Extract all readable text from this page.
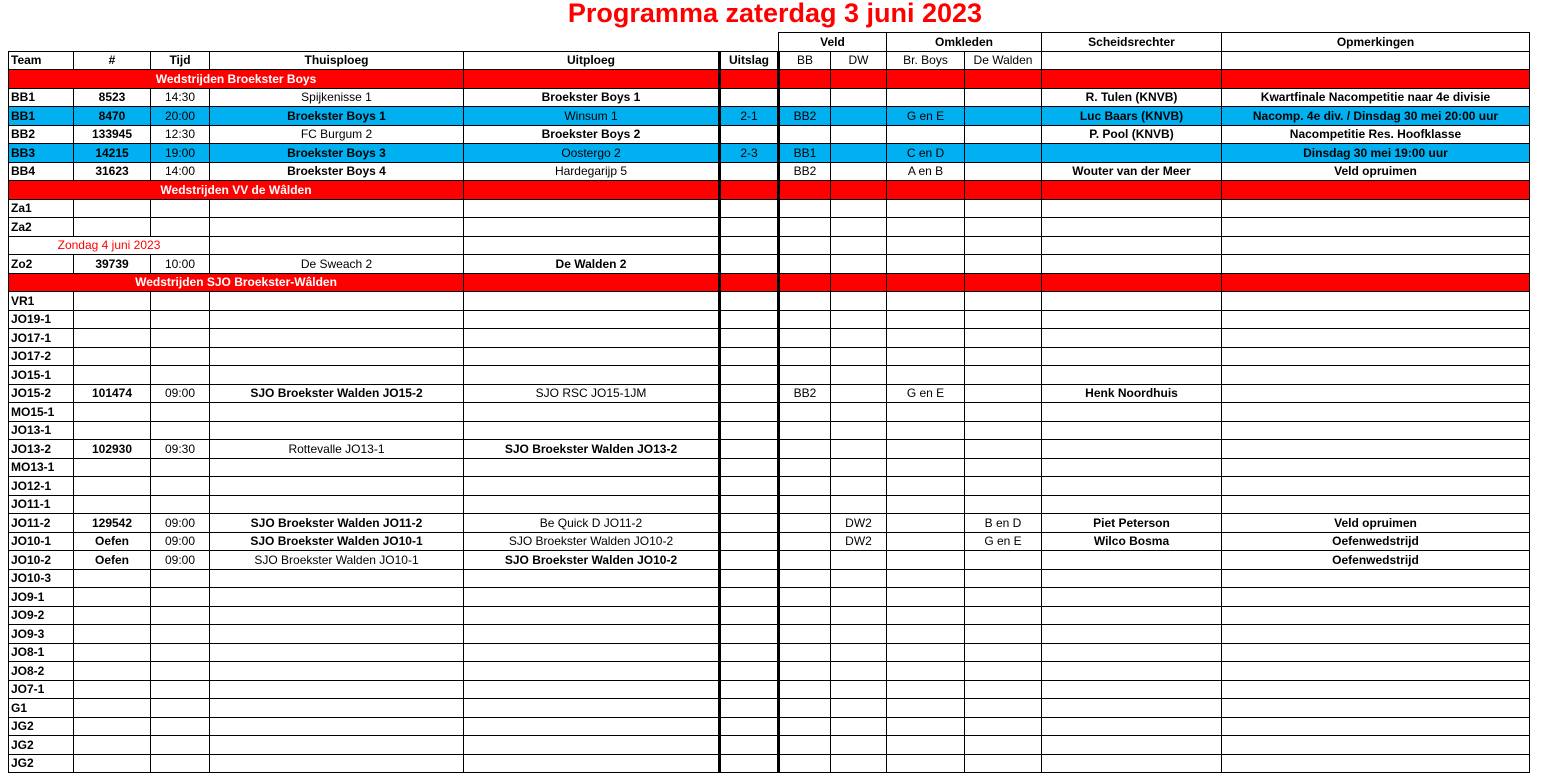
Programma zaterdag 3 juni 2023
						Veld		Omkleden		Scheidsrechter	Opmerkingen
Team	#	Tijd	Thuisploeg	Uitploeg	Uitslag	BB	DW	Br. Boys	De Walden		
Wedstrijden Broekster Boys											
BB1	8523	14:30	Spijkenisse 1	Broekster Boys 1						R. Tulen (KNVB)	Kwartfinale Nacompetitie naar 4e divisie
BB1	8470	20:00	Broekster Boys 1	Winsum 1	2-1	BB2		G en E		Luc Baars (KNVB)	Nacomp. 4e div. / Dinsdag 30 mei 20:00 uur
BB2	133945	12:30	FC Burgum 2	Broekster Boys 2						P. Pool (KNVB)	Nacompetitie Res. Hoofklasse
BB3	14215	19:00	Broekster Boys 3	Oostergo 2	2-3	BB1		C en D			Dinsdag 30 mei 19:00 uur
BB4	31623	14:00	Broekster Boys 4	Hardegarijp 5		BB2		A en B		Wouter van der Meer	Veld opruimen
Wedstrijden VV de Wâlden											
Za1											
Za2											
Zondag 4 juni 2023											
Zo2	39739	10:00	De Sweach 2	De Walden 2							
Wedstrijden SJO Broekster-Wâlden											
VR1											
JO19-1											
JO17-1											
JO17-2											
JO15-1											
JO15-2	101474	09:00	SJO Broekster Walden JO15-2	SJO RSC JO15-1JM		BB2		G en E		Henk Noordhuis	
MO15-1											
JO13-1											
JO13-2	102930	09:30	Rottevalle JO13-1	SJO Broekster Walden JO13-2							
MO13-1											
JO12-1											
JO11-1											
JO11-2	129542	09:00	SJO Broekster Walden JO11-2	Be Quick D JO11-2			DW2		B en D	Piet Peterson	Veld opruimen
JO10-1	Oefen	09:00	SJO Broekster Walden JO10-1	SJO Broekster Walden JO10-2			DW2		G en E	Wilco Bosma	Oefenwedstrijd
JO10-2	Oefen	09:00	SJO Broekster Walden JO10-1	SJO Broekster Walden JO10-2							Oefenwedstrijd
JO10-3											
JO9-1											
JO9-2											
JO9-3											
JO8-1											
JO8-2											
JO7-1											
G1											
JG2											
JG2											
JG2											
